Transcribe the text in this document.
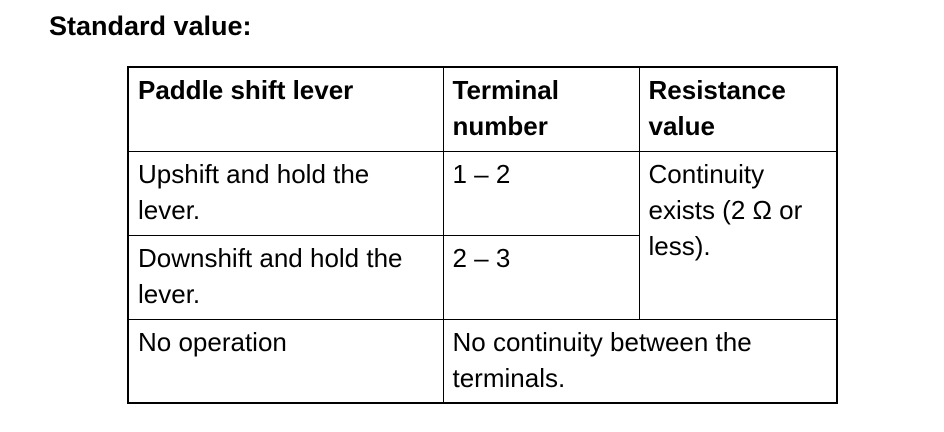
Standard value:
Paddle shift lever	Terminal number	Resistance value
Upshift and hold the lever.	1 – 2	Continuity exists (2 Ω or less).
Downshift and hold the lever.	2 – 3	
No operation	No continuity between the terminals.	
